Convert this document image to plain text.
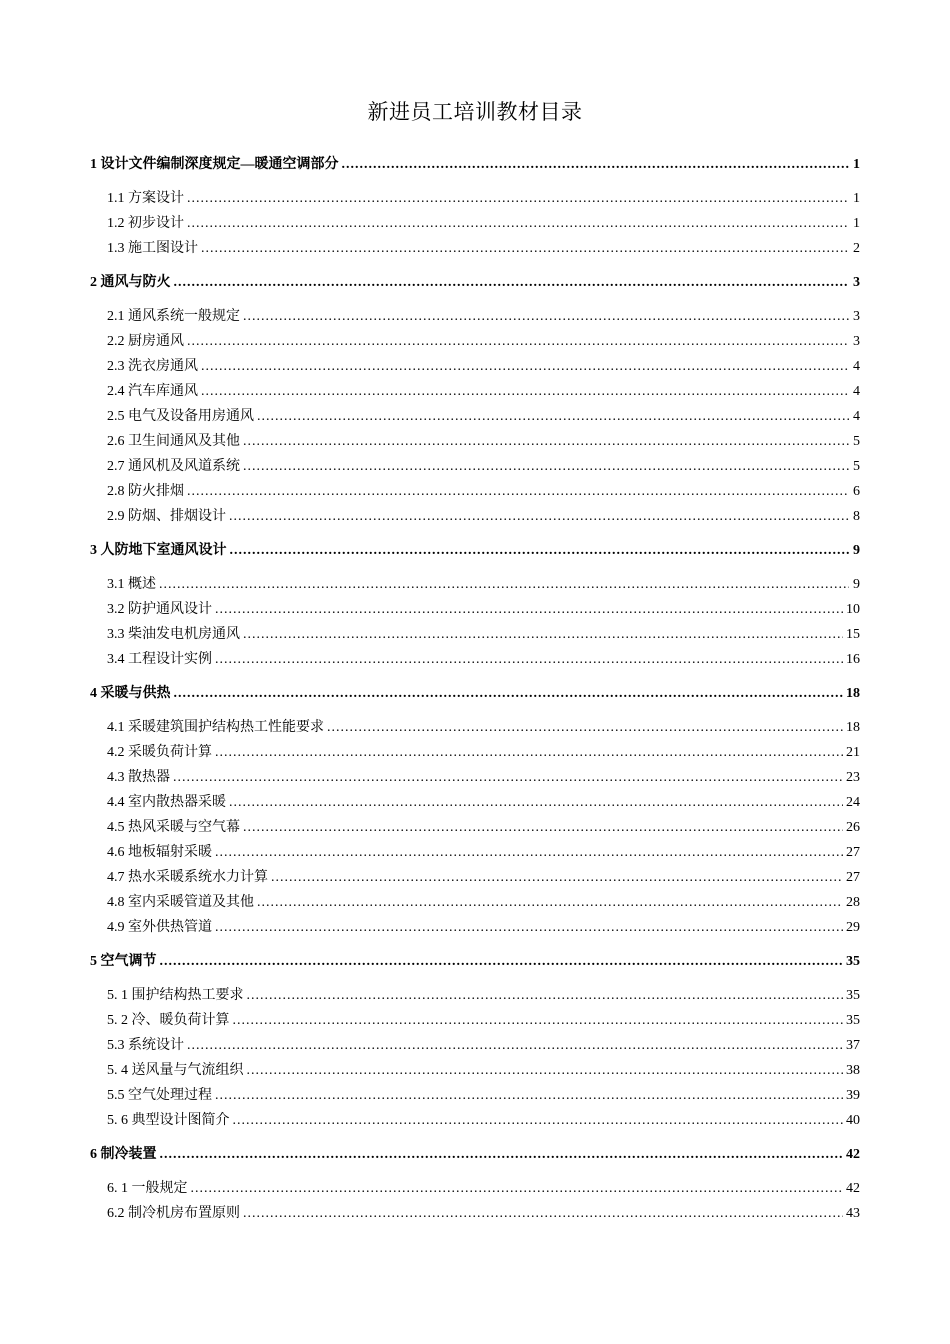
新进员工培训教材目录
1 设计文件编制深度规定—暖通空调部分 .....	1
1.1 方案设计 .....	1
1.2 初步设计 .....	1
1.3 施工图设计 .....	2
2 通风与防火 .....	3
2.1 通风系统一般规定 .....	3
2.2 厨房通风 .....	3
2.3 洗衣房通风 .....	4
2.4 汽车库通风 .....	4
2.5 电气及设备用房通风 .....	4
2.6 卫生间通风及其他 .....	5
2.7 通风机及风道系统 .....	5
2.8 防火排烟 .....	6
2.9 防烟、排烟设计 .....	8
3 人防地下室通风设计 .....	9
3.1 概述 .....	9
3.2 防护通风设计 .....	10
3.3 柴油发电机房通风 .....	15
3.4 工程设计实例 .....	16
4 采暖与供热 .....	18
4.1 采暖建筑围护结构热工性能要求 .....	18
4.2 采暖负荷计算 .....	21
4.3 散热器 .....	23
4.4 室内散热器采暖 .....	24
4.5 热风采暖与空气幕 .....	26
4.6 地板辐射采暖 .....	27
4.7 热水采暖系统水力计算 .....	27
4.8 室内采暖管道及其他 .....	28
4.9 室外供热管道 .....	29
5 空气调节 .....	35
5. 1 围护结构热工要求 .....	35
5. 2 冷、暖负荷计算 .....	35
5.3 系统设计 .....	37
5. 4 送风量与气流组织 .....	38
5.5 空气处理过程 .....	39
5. 6 典型设计图简介 .....	40
6 制冷装置 .....	42
6. 1 一般规定 .....	42
6.2 制冷机房布置原则 .....	43
